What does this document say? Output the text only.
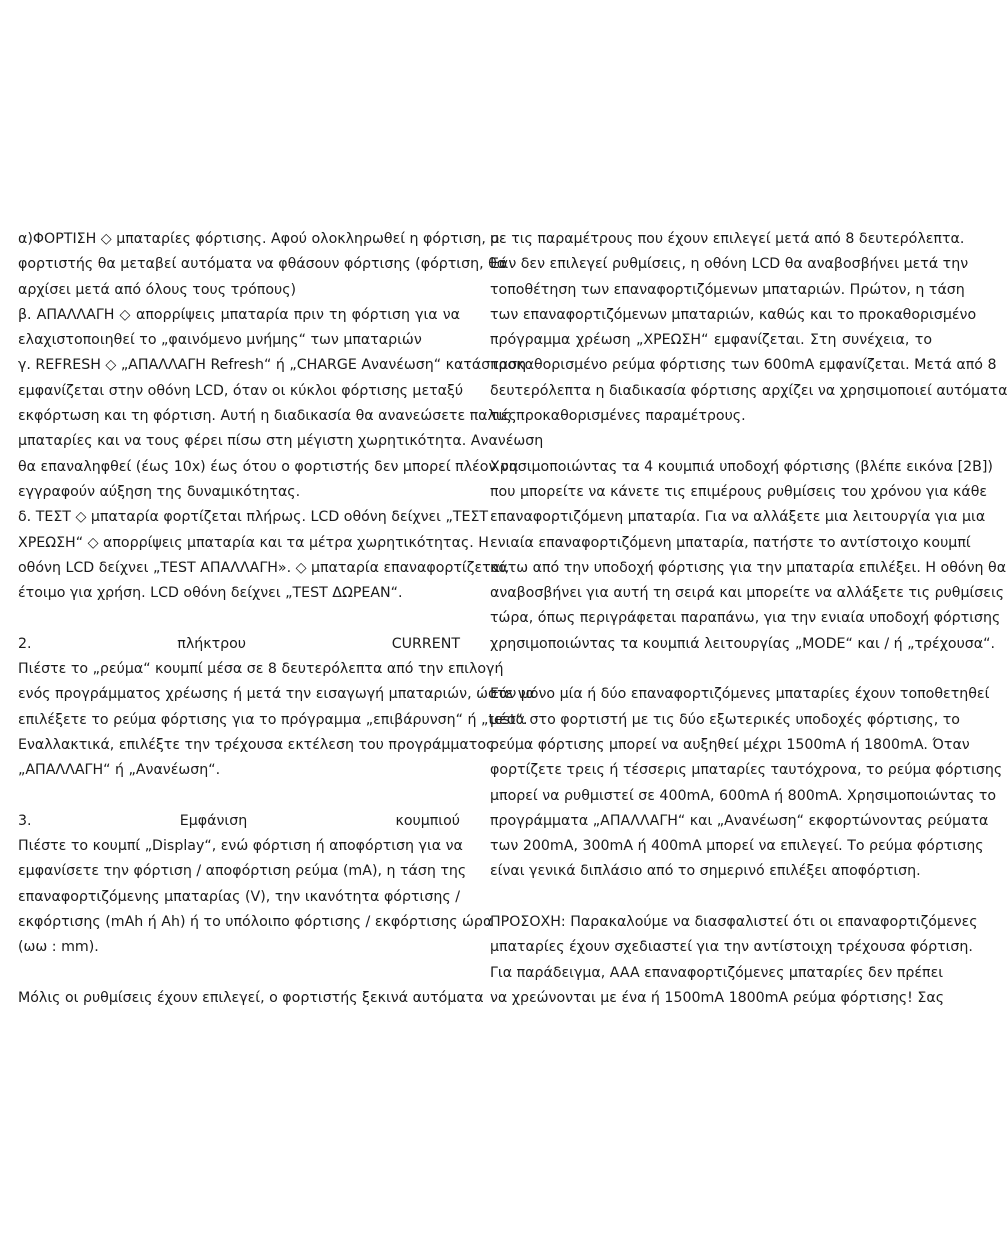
α)ΦΟΡΤΙΣΗ ◇ μπαταρίες φόρτισης. Αφού ολοκληρωθεί η φόρτιση, ο
φορτιστής θα μεταβεί αυτόματα να φθάσουν φόρτισης (φόρτιση, θα
αρχίσει μετά από όλους τους τρόπους)
β. ΑΠΑΛΛΑΓΗ ◇ απορρίψεις μπαταρία πριν τη φόρτιση για να
ελαχιστοποιηθεί το „φαινόμενο μνήμης“ των μπαταριών
γ. REFRESH ◇ „ΑΠΑΛΛΑΓΗ Refresh“ ή „CHARGE Ανανέωση“ κατάσταση
εμφανίζεται στην οθόνη LCD, όταν οι κύκλοι φόρτισης μεταξύ
εκφόρτωση και τη φόρτιση. Αυτή η διαδικασία θα ανανεώσετε παλιές
μπαταρίες και να τους φέρει πίσω στη μέγιστη χωρητικότητα. Ανανέωση
θα επαναληφθεί (έως 10x) έως ότου ο φορτιστής δεν μπορεί πλέον να
εγγραφούν αύξηση της δυναμικότητας.
δ. ΤΕΣΤ ◇ μπαταρία φορτίζεται πλήρως. LCD οθόνη δείχνει „ΤΕΣΤ
ΧΡΕΩΣΗ“ ◇ απορρίψεις μπαταρία και τα μέτρα χωρητικότητας. Η
οθόνη LCD δείχνει „TEST ΑΠΑΛΛΑΓΗ». ◇ μπαταρία επαναφορτίζεται,
έτοιμο για χρήση. LCD οθόνη δείχνει „TEST ΔΩΡΕΑΝ“.
2. πλήκτρου CURRENT
Πιέστε το „ρεύμα“ κουμπί μέσα σε 8 δευτερόλεπτα από την επιλογή
ενός προγράμματος χρέωσης ή μετά την εισαγωγή μπαταριών, ώστε να
επιλέξετε το ρεύμα φόρτισης για το πρόγραμμα „επιβάρυνση“ ή „test“.
Εναλλακτικά, επιλέξτε την τρέχουσα εκτέλεση του προγράμματος
„ΑΠΑΛΛΑΓΗ“ ή „Ανανέωση“.
3. Εμφάνιση κουμπιού
Πιέστε το κουμπί „Display“, ενώ φόρτιση ή αποφόρτιση για να
εμφανίσετε την φόρτιση / αποφόρτιση ρεύμα (mA), η τάση της
επαναφορτιζόμενης μπαταρίας (V), την ικανότητα φόρτισης /
εκφόρτισης (mAh ή Ah) ή το υπόλοιπο φόρτισης / εκφόρτισης ώρα
(ωω : mm).
Μόλις οι ρυθμίσεις έχουν επιλεγεί, ο φορτιστής ξεκινά αυτόματα
με τις παραμέτρους που έχουν επιλεγεί μετά από 8 δευτερόλεπτα.
Εάν δεν επιλεγεί ρυθμίσεις, η οθόνη LCD θα αναβοσβήνει μετά την
τοποθέτηση των επαναφορτιζόμενων μπαταριών. Πρώτον, η τάση
των επαναφορτιζόμενων μπαταριών, καθώς και το προκαθορισμένο
πρόγραμμα χρέωση „ΧΡΕΩΣΗ“ εμφανίζεται. Στη συνέχεια, το
προκαθορισμένο ρεύμα φόρτισης των 600mA εμφανίζεται. Μετά από 8
δευτερόλεπτα η διαδικασία φόρτισης αρχίζει να χρησιμοποιεί αυτόματα
τις προκαθορισμένες παραμέτρους.
Χρησιμοποιώντας τα 4 κουμπιά υποδοχή φόρτισης (βλέπε εικόνα [2B])
που μπορείτε να κάνετε τις επιμέρους ρυθμίσεις του χρόνου για κάθε
επαναφορτιζόμενη μπαταρία. Για να αλλάξετε μια λειτουργία για μια
ενιαία επαναφορτιζόμενη μπαταρία, πατήστε το αντίστοιχο κουμπί
κάτω από την υποδοχή φόρτισης για την μπαταρία επιλέξει. Η οθόνη θα
αναβοσβήνει για αυτή τη σειρά και μπορείτε να αλλάξετε τις ρυθμίσεις
τώρα, όπως περιγράφεται παραπάνω, για την ενιαία υποδοχή φόρτισης
χρησιμοποιώντας τα κουμπιά λειτουργίας „MODE“ και / ή „τρέχουσα“.
Εάν μόνο μία ή δύο επαναφορτιζόμενες μπαταρίες έχουν τοποθετηθεί
μέσα στο φορτιστή με τις δύο εξωτερικές υποδοχές φόρτισης, το
ρεύμα φόρτισης μπορεί να αυξηθεί μέχρι 1500mA ή 1800mA. Όταν
φορτίζετε τρεις ή τέσσερις μπαταρίες ταυτόχρονα, το ρεύμα φόρτισης
μπορεί να ρυθμιστεί σε 400mA, 600mA ή 800mA. Χρησιμοποιώντας το
προγράμματα „ΑΠΑΛΛΑΓΗ“ και „Ανανέωση“ εκφορτώνοντας ρεύματα
των 200mA, 300mA ή 400mA μπορεί να επιλεγεί. Το ρεύμα φόρτισης
είναι γενικά διπλάσιο από το σημερινό επιλέξει αποφόρτιση.
ΠΡΟΣΟΧΗ: Παρακαλούμε να διασφαλιστεί ότι οι επαναφορτιζόμενες
μπαταρίες έχουν σχεδιαστεί για την αντίστοιχη τρέχουσα φόρτιση.
Για παράδειγμα, AAA επαναφορτιζόμενες μπαταρίες δεν πρέπει
να χρεώνονται με ένα ή 1500mA 1800mA ρεύμα φόρτισης! Σας
